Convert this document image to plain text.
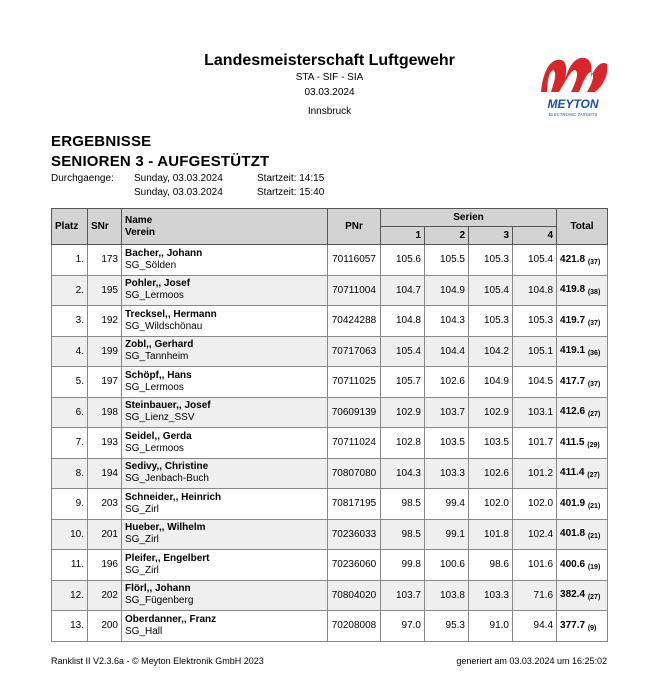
Landesmeisterschaft Luftgewehr
STA - SIF - SIA
03.03.2024
Innsbruck
MEYTON
ELECTRONIC TARGETS
ERGEBNISSE
SENIOREN 3 - AUFGESTÜTZT
Durchgaenge: Sunday, 03.03.2024	Startzeit: 14:15
Sunday, 03.03.2024	Startzeit: 15:40
Platz	SNr	Name
Verein	PNr	Serien				Total
				1	2	3	4	
1.	173	Bacher,, Johann
SG_Sölden	70116057	105.6	105.5	105.3	105.4	421.8 $_{(37)}$
2.	195	Pohler,, Josef
SG_Lermoos	70711004	104.7	104.9	105.4	104.8	419.8 $_{(38)}$
3.	192	Trecksel,, Hermann
SG_Wildschönau	70424288	104.8	104.3	105.3	105.3	419.7 $_{(37)}$
4.	199	Zobl,, Gerhard
SG_Tannheim	70717063	105.4	104.4	104.2	105.1	419.1 $_{(36)}$
5.	197	Schöpf,, Hans
SG_Lermoos	70711025	105.7	102.6	104.9	104.5	417.7 $_{(37)}$
6.	198	Steinbauer,, Josef
SG_Lienz_SSV	70609139	102.9	103.7	102.9	103.1	412.6 $_{(27)}$
7.	193	Seidel,, Gerda
SG_Lermoos	70711024	102.8	103.5	103.5	101.7	411.5 $_{(29)}$
8.	194	Sedivy,, Christine
SG_Jenbach-Buch	70807080	104.3	103.3	102.6	101.2	411.4 $_{(27)}$
9.	203	Schneider,, Heinrich
SG_Zirl	70817195	98.5	99.4	102.0	102.0	401.9 $_{(21)}$
10.	201	Hueber,, Wilhelm
SG_Zirl	70236033	98.5	99.1	101.8	102.4	401.8 $_{(21)}$
11.	196	Pleifer,, Engelbert
SG_Zirl	70236060	99.8	100.6	98.6	101.6	400.6 $_{(19)}$
12.	202	Flörl,, Johann
SG_Fügenberg	70804020	103.7	103.8	103.3	71.6	382.4 $_{(27)}$
13.	200	Oberdanner,, Franz
SG_Hall	70208008	97.0	95.3	91.0	94.4	377.7 $_{(9)}$
Ranklist II V2.3.6a - © Meyton Elektronik GmbH 2023	generiert am 03.03.2024 um 16:25:02
